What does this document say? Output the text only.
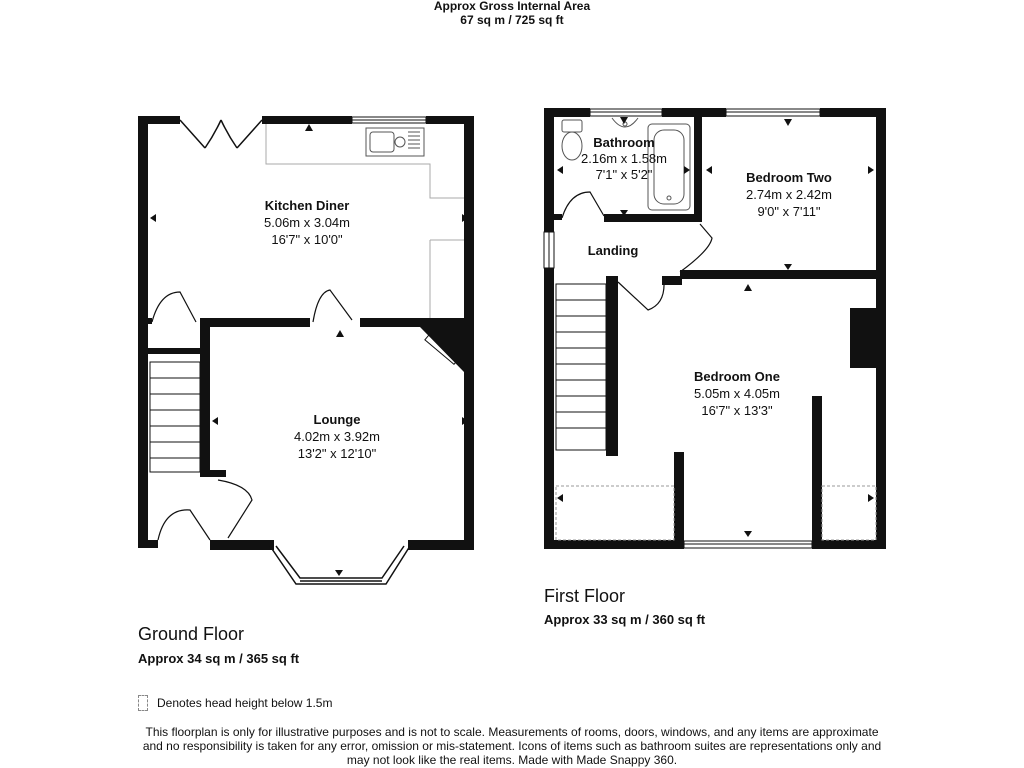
Approx Gross Internal Area
67 sq m / 725 sq ft
Kitchen Diner
5.06m x 3.04m
16'7" x 10'0"
Lounge
4.02m x 3.92m
13'2" x 12'10"
Bathroom
2.16m x 1.58m
7'1" x 5'2"	Bedroom Two
2.74m x 2.42m
9'0" x 7'11"
Landing
Bedroom One
5.05m x 4.05m
16'7" x 13'3"
Ground Floor
Approx 34 sq m / 365 sq ft
First Floor
Approx 33 sq m / 360 sq ft
Denotes head height below 1.5m
This floorplan is only for illustrative purposes and is not to scale. Measurements of rooms, doors, windows, and any items are approximate
and no responsibility is taken for any error, omission or mis-statement. Icons of items such as bathroom suites are representations only and
may not look like the real items. Made with Made Snappy 360.
